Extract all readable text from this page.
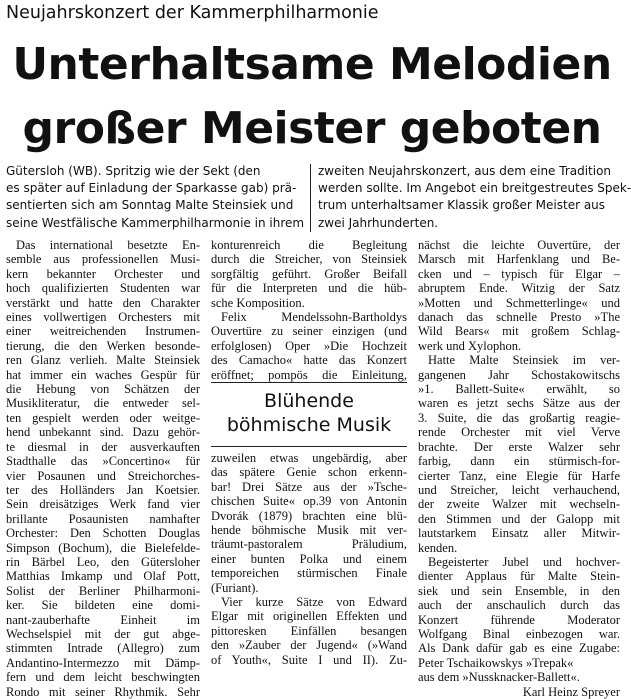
Neujahrskonzert der Kammerphilharmonie
Unterhaltsame Melodien
großer Meister geboten
Gütersloh (WB). Spritzig wie der Sekt (den
es später auf Einladung der Sparkasse gab) prä-
sentierten sich am Sonntag Malte Steinsiek und
seine Westfälische Kammerphilharmonie in ihrem
zweiten Neujahrskonzert, aus dem eine Tradition
werden sollte. Im Angebot ein breitgestreutes Spek-
trum unterhaltsamer Klassik großer Meister aus
zwei Jahrhunderten.
Das international besetzte En-
semble aus professionellen Musi-
kern bekannter Orchester und
hoch qualifizierten Studenten war
verstärkt und hatte den Charakter
eines vollwertigen Orchesters mit
einer weitreichenden Instrumen-
tierung, die den Werken besonde-
ren Glanz verlieh. Malte Steinsiek
hat immer ein waches Gespür für
die Hebung von Schätzen der
Musikliteratur, die entweder sel-
ten gespielt werden oder weitge-
hend unbekannt sind. Dazu gehör-
te diesmal in der ausverkauften
Stadthalle das »Concertino« für
vier Posaunen und Streichorches-
ter des Holländers Jan Koetsier.
Sein dreisätziges Werk fand vier
brillante Posaunisten namhafter
Orchester: Den Schotten Douglas
Simpson (Bochum), die Bielefelde-
rin Bärbel Leo, den Gütersloher
Matthias Imkamp und Olaf Pott,
Solist der Berliner Philharmoni-
ker. Sie bildeten eine domi-
nant-zauberhafte Einheit im
Wechselspiel mit der gut abge-
stimmten Intrade (Allegro) zum
Andantino-Intermezzo mit Dämp-
fern und dem leicht beschwingten
Rondo mit seiner Rhythmik. Sehr
konturenreich die Begleitung
durch die Streicher, von Steinsiek
sorgfältig geführt. Großer Beifall
für die Interpreten und die hüb-
sche Komposition.
Felix Mendelssohn-Bartholdys
Ouvertüre zu seiner einzigen (und
erfolglosen) Oper »Die Hochzeit
des Camacho« hatte das Konzert
eröffnet; pompös die Einleitung,
zuweilen etwas ungebärdig, aber
das spätere Genie schon erkenn-
bar! Drei Sätze aus der »Tsche-
chischen Suite« op.39 von Antonin
Dvorák (1879) brachten eine blü-
hende böhmische Musik mit ver-
träumt-pastoralem Präludium,
einer bunten Polka und einem
temporeichen stürmischen Finale
(Furiant).
Vier kurze Sätze von Edward
Elgar mit originellen Effekten und
pittoresken Einfällen besangen
den »Zauber der Jugend« (»Wand
of Youth«, Suite I und II). Zu-
Blühende
böhmische Musik
nächst die leichte Ouvertüre, der
Marsch mit Harfenklang und Be-
cken und – typisch für Elgar –
abruptem Ende. Witzig der Satz
»Motten und Schmetterlinge« und
danach das schnelle Presto »The
Wild Bears« mit großem Schlag-
werk und Xylophon.
Hatte Malte Steinsiek im ver-
gangenen Jahr Schostakowitschs
»1. Ballett-Suite« erwählt, so
waren es jetzt sechs Sätze aus der
3. Suite, die das großartig reagie-
rende Orchester mit viel Verve
brachte. Der erste Walzer sehr
farbig, dann ein stürmisch-for-
cierter Tanz, eine Elegie für Harfe
und Streicher, leicht verhauchend,
der zweite Walzer mit wechseln-
den Stimmen und der Galopp mit
lautstarkem Einsatz aller Mitwir-
kenden.
Begeisterter Jubel und hochver-
dienter Applaus für Malte Stein-
siek und sein Ensemble, in den
auch der anschaulich durch das
Konzert führende Moderator
Wolfgang Binal einbezogen war.
Als Dank dafür gab es eine Zugabe:
Peter Tschaikowskys »Trepak«
aus dem »Nussknacker-Ballett«.
Karl Heinz Spreyer
